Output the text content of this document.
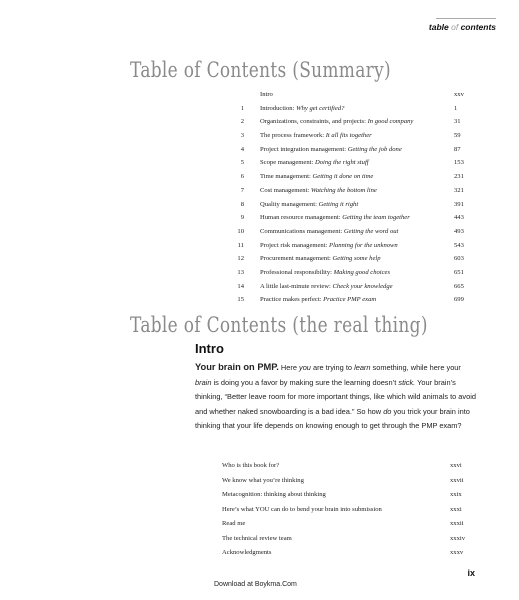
table of contents
Table of Contents (Summary)
Intro	xxv
1 Introduction: Why get certified?	1
2 Organizations, constraints, and projects: In good company	31
3 The process framework: It all fits together	59
4 Project integration management: Getting the job done	87
5 Scope management: Doing the right stuff	153
6 Time management: Getting it done on time	231
7 Cost management: Watching the bottom line	321
8 Quality management: Getting it right	391
9 Human resource management: Getting the team together	443
10 Communications management: Getting the word out	493
11 Project risk management: Planning for the unknown	543
12 Procurement management: Getting some help	603
13 Professional responsibility: Making good choices	651
14 A little last-minute review: Check your knowledge	665
15 Practice makes perfect: Practice PMP exam	699
Table of Contents (the real thing)
Intro
Your brain on PMP. Here you are trying to learn something, while here your brain is doing you a favor by making sure the learning doesn’t stick. Your brain’s thinking, “Better leave room for more important things, like which wild animals to avoid and whether naked snowboarding is a bad idea.” So how do you trick your brain into thinking that your life depends on knowing enough to get through the PMP exam?
Who is this book for?	xxvi
We know what you’re thinking	xxvii
Metacognition: thinking about thinking	xxix
Here’s what YOU can do to bend your brain into submission	xxxi
Read me	xxxii
The technical review team	xxxiv
Acknowledgments	xxxv
ix
Download at Boykma.Com
